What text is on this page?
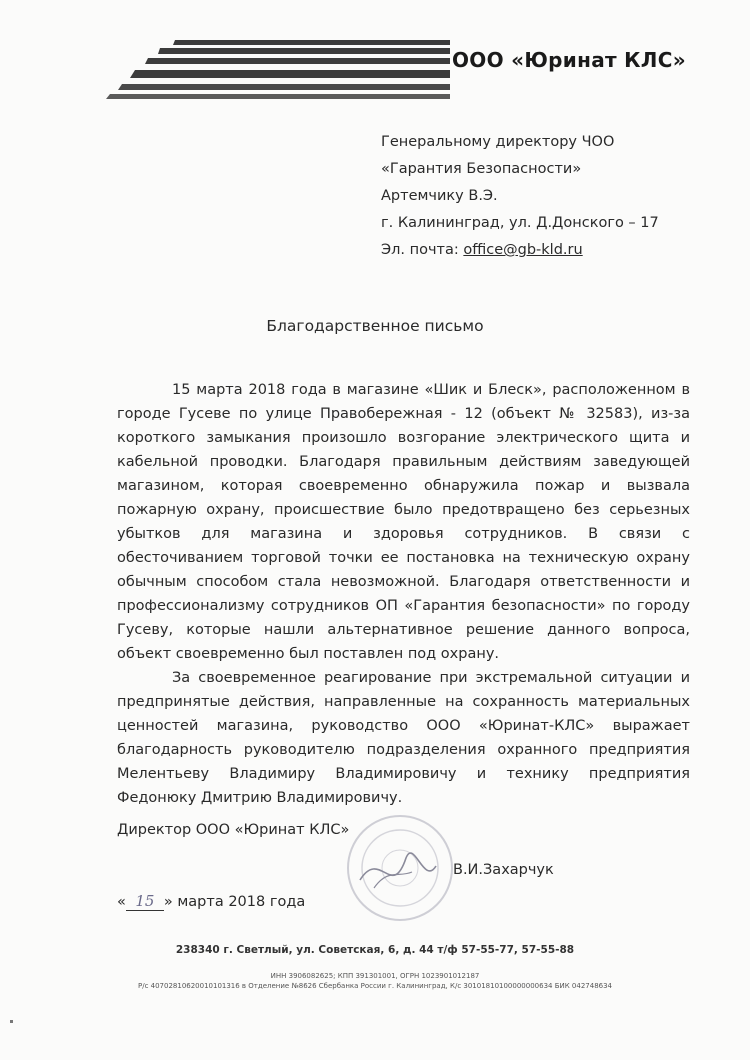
ООО «Юринат КЛС»
Генеральному директору ЧОО
«Гарантия Безопасности»
Артемчику В.Э.
г. Калининград, ул. Д.Донского – 17
Эл. почта: office@gb-kld.ru
Благодарственное письмо

15 марта 2018 года в магазине «Шик и Блеск», расположенном в городе Гусеве по улице Правобережная - 12 (объект № 32583), из-за короткого замыкания произошло возгорание электрического щита и кабельной проводки. Благодаря правильным действиям заведующей магазином, которая своевременно обнаружила пожар и вызвала пожарную охрану, происшествие было предотвращено без серьезных убытков для магазина и здоровья сотрудников. В связи с обесточиванием торговой точки ее постановка на техническую охрану обычным способом стала невозможной. Благодаря ответственности и профессионализму сотрудников ОП «Гарантия безопасности» по городу Гусеву, которые нашли альтернативное решение данного вопроса, объект своевременно был поставлен под охрану.

За своевременное реагирование при экстремальной ситуации и предпринятые действия, направленные на сохранность материальных ценностей магазина, руководство ООО «Юринат-КЛС» выражает благодарность руководителю подразделения охранного предприятия Мелентьеву Владимиру Владимировичу и технику предприятия Федонюку Дмитрию Владимировичу.

Директор ООО «Юринат КЛС»
В.И.Захарчук
« 15 » марта 2018 года
238340 г. Светлый, ул. Советская, 6, д. 44 т/ф 57-55-77, 57-55-88
ИНН 3906082625; КПП 391301001, ОГРН 1023901012187
Р/с 40702810620010101316 в Отделение №8626 Сбербанка России г. Калининград, К/с 30101810100000000634 БИК 042748634
